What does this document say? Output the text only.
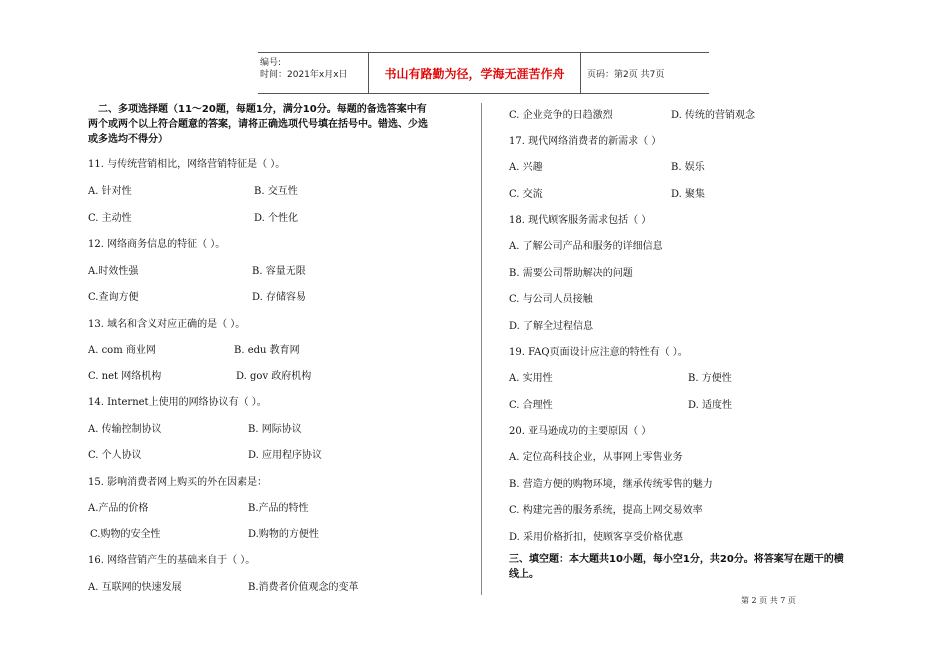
编号:
时间：2021年x月x日	书山有路勤为径，学海无涯苦作舟	页码：第2页 共7页
二、多项选择题（11～20题，每题1分，满分10分。每题的备选答案中有
两个或两个以上符合题意的答案，请将正确选项代号填在括号中。错选、少选
或多选均不得分）
11. 与传统营销相比，网络营销特征是（ ）。
A. 针对性	B. 交互性
C. 主动性	D. 个性化
12. 网络商务信息的特征（ ）。
A.时效性强	B. 容量无限
C.查询方便	D. 存储容易
13. 域名和含义对应正确的是（ ）。
A. com 商业网	B. edu 教育网
C. net 网络机构	D. gov 政府机构
14. Internet上使用的网络协议有（ ）。
A. 传输控制协议	B. 网际协议
C. 个人协议	D. 应用程序协议
15. 影响消费者网上购买的外在因素是：
A.产品的价格	B.产品的特性
C.购物的安全性	D.购物的方便性
16. 网络营销产生的基础来自于（ ）。
A. 互联网的快速发展	B.消费者价值观念的变革
C. 企业竞争的日趋激烈	D. 传统的营销观念
17. 现代网络消费者的新需求（ ）
A. 兴趣	B. 娱乐
C. 交流	D. 聚集
18. 现代顾客服务需求包括（ ）
A. 了解公司产品和服务的详细信息
B. 需要公司帮助解决的问题
C. 与公司人员接触
D. 了解全过程信息
19. FAQ页面设计应注意的特性有（ ）。
A. 实用性	B. 方便性
C. 合理性	D. 适度性
20. 亚马逊成功的主要原因（ ）
A. 定位高科技企业，从事网上零售业务
B. 营造方便的购物环境，继承传统零售的魅力
C. 构建完善的服务系统，提高上网交易效率
D. 采用价格折扣，使顾客享受价格优惠
三、填空题：本大题共10小题，每小空1分，共20分。将答案写在题干的横
线上。
第 2 页 共 7 页
